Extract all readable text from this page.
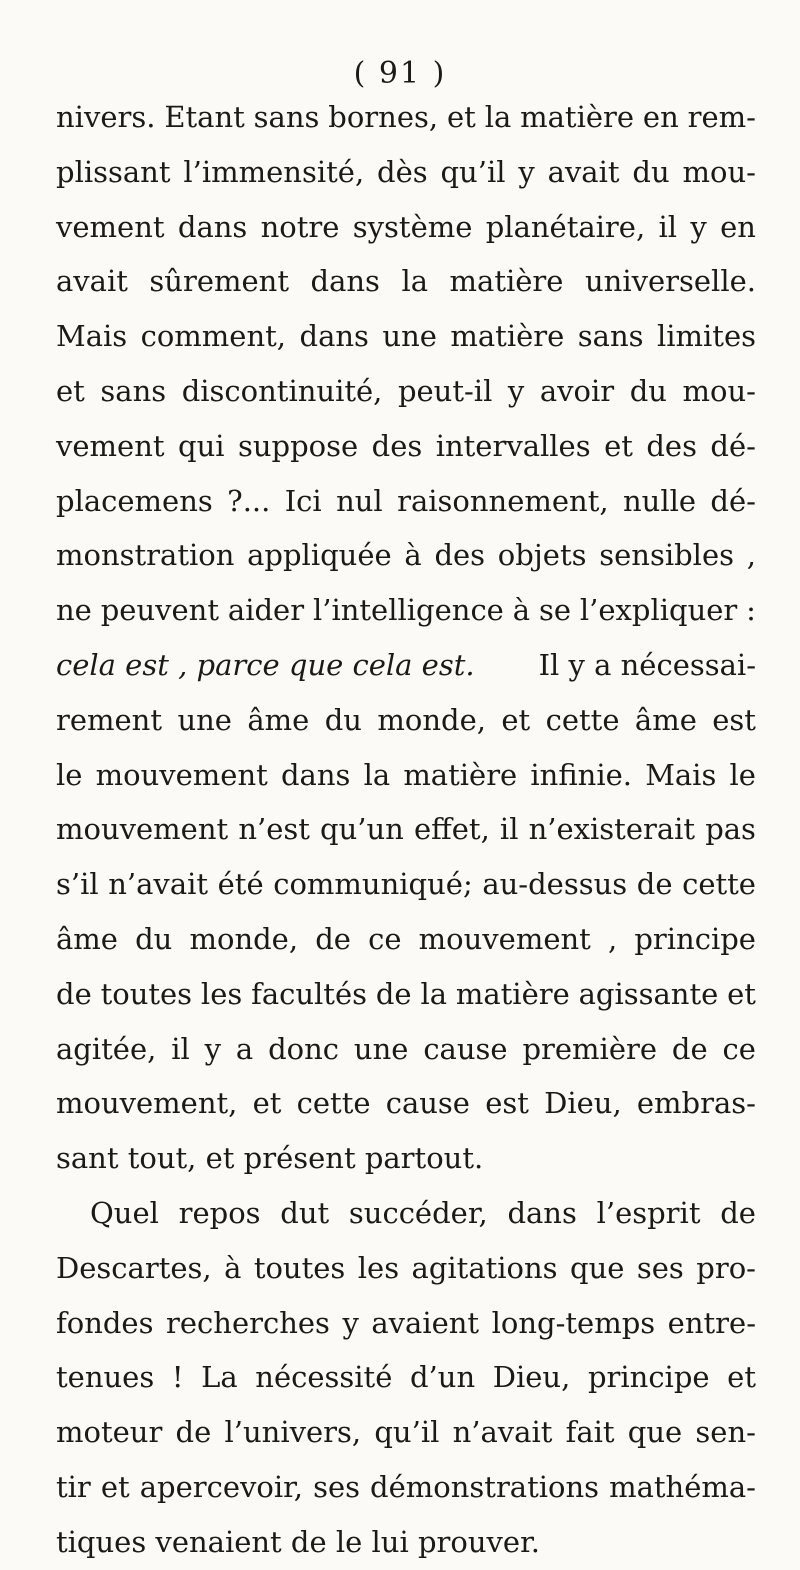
( 91 )
nivers. Etant sans bornes, et la matière en rem-
plissant l’immensité, dès qu’il y avait du mou-
vement dans notre système planétaire, il y en
avait sûrement dans la matière universelle.
Mais comment, dans une matière sans limites
et sans discontinuité, peut-il y avoir du mou-
vement qui suppose des intervalles et des dé-
placemens ?... Ici nul raisonnement, nulle dé-
monstration appliquée à des objets sensibles ,
ne peuvent aider l’intelligence à se l’expliquer :
cela est , parce que cela est. Il y a nécessai-
rement une âme du monde, et cette âme est
le mouvement dans la matière infinie. Mais le
mouvement n’est qu’un effet, il n’existerait pas
s’il n’avait été communiqué; au-dessus de cette
âme du monde, de ce mouvement , principe
de toutes les facultés de la matière agissante et
agitée, il y a donc une cause première de ce
mouvement, et cette cause est Dieu, embras-
sant tout, et présent partout.
Quel repos dut succéder, dans l’esprit de
Descartes, à toutes les agitations que ses pro-
fondes recherches y avaient long-temps entre-
tenues ! La nécessité d’un Dieu, principe et
moteur de l’univers, qu’il n’avait fait que sen-
tir et apercevoir, ses démonstrations mathéma-
tiques venaient de le lui prouver.
